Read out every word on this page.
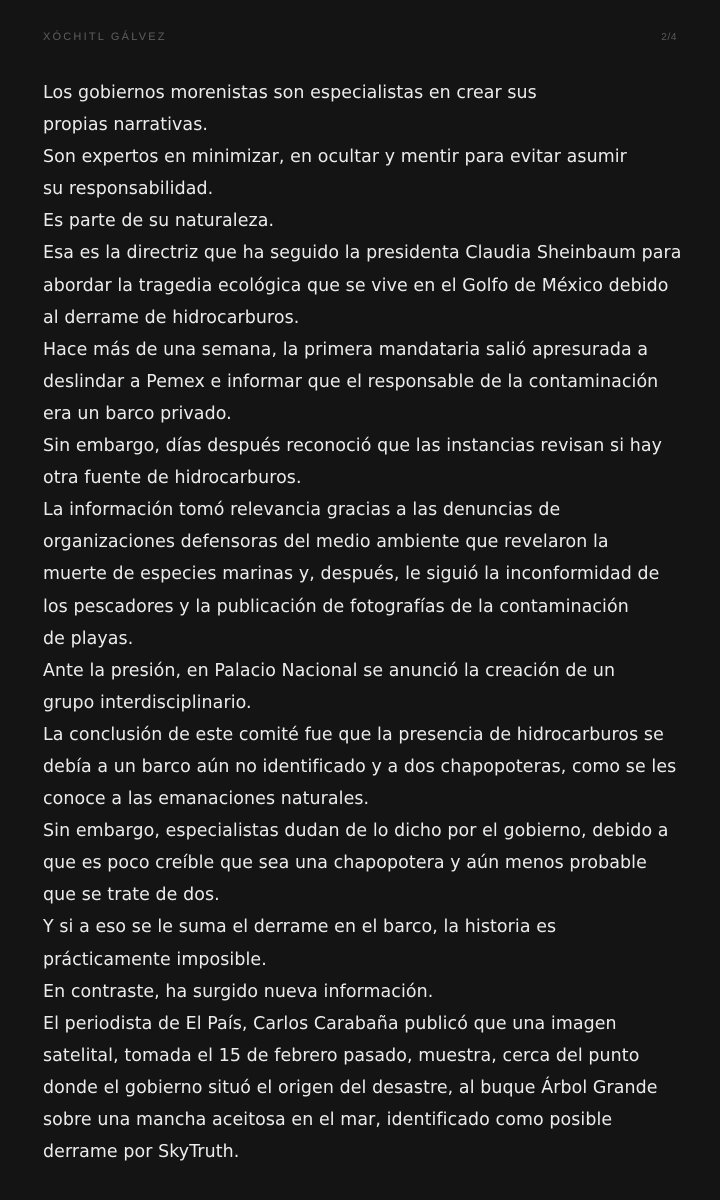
XÓCHITL GÁLVEZ	2/4
Los gobiernos morenistas son especialistas en crear sus
propias narrativas.
Son expertos en minimizar, en ocultar y mentir para evitar asumir
su responsabilidad.
Es parte de su naturaleza.
Esa es la directriz que ha seguido la presidenta Claudia Sheinbaum para
abordar la tragedia ecológica que se vive en el Golfo de México debido
al derrame de hidrocarburos.
Hace más de una semana, la primera mandataria salió apresurada a
deslindar a Pemex e informar que el responsable de la contaminación
era un barco privado.
Sin embargo, días después reconoció que las instancias revisan si hay
otra fuente de hidrocarburos.
La información tomó relevancia gracias a las denuncias de
organizaciones defensoras del medio ambiente que revelaron la
muerte de especies marinas y, después, le siguió la inconformidad de
los pescadores y la publicación de fotografías de la contaminación
de playas.
Ante la presión, en Palacio Nacional se anunció la creación de un
grupo interdisciplinario.
La conclusión de este comité fue que la presencia de hidrocarburos se
debía a un barco aún no identificado y a dos chapopoteras, como se les
conoce a las emanaciones naturales.
Sin embargo, especialistas dudan de lo dicho por el gobierno, debido a
que es poco creíble que sea una chapopotera y aún menos probable
que se trate de dos.
Y si a eso se le suma el derrame en el barco, la historia es
prácticamente imposible.
En contraste, ha surgido nueva información.
El periodista de El País, Carlos Carabaña publicó que una imagen
satelital, tomada el 15 de febrero pasado, muestra, cerca del punto
donde el gobierno situó el origen del desastre, al buque Árbol Grande
sobre una mancha aceitosa en el mar, identificado como posible
derrame por SkyTruth.
